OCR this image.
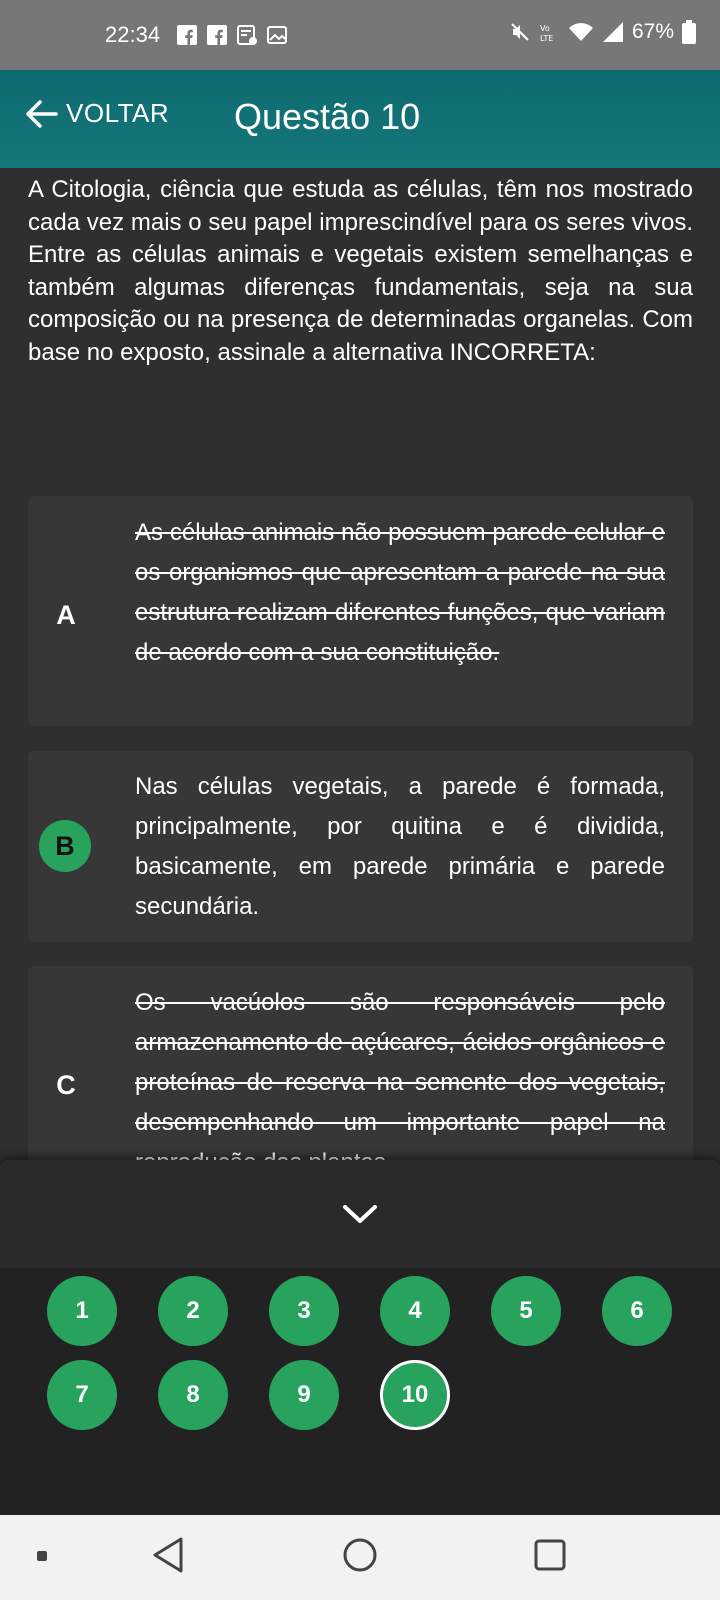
22:34	Vo
LTE	67%
VOLTAR Questão 10
A Citologia, ciência que estuda as células, têm nos mostrado cada vez mais o seu papel imprescindível para os seres vivos. Entre as células animais e vegetais existem semelhanças e também algumas diferenças fundamentais, seja na sua composição ou na presença de determinadas organelas. Com base no exposto, assinale a alternativa INCORRETA:
A
As células animais não possuem parede celular e os organismos que apresentam a parede na sua estrutura realizam diferentes funções, que variam de acordo com a sua constituição.
B
Nas células vegetais, a parede é formada, principalmente, por quitina e é dividida, basicamente, em parede primária e parede secundária.
C
Os vacúolos são responsáveis pelo armazenamento de açúcares, ácidos orgânicos e proteínas de reserva na semente dos vegetais, desempenhando um importante papel na
1	2	3	4	5	6
7	8	9	10
